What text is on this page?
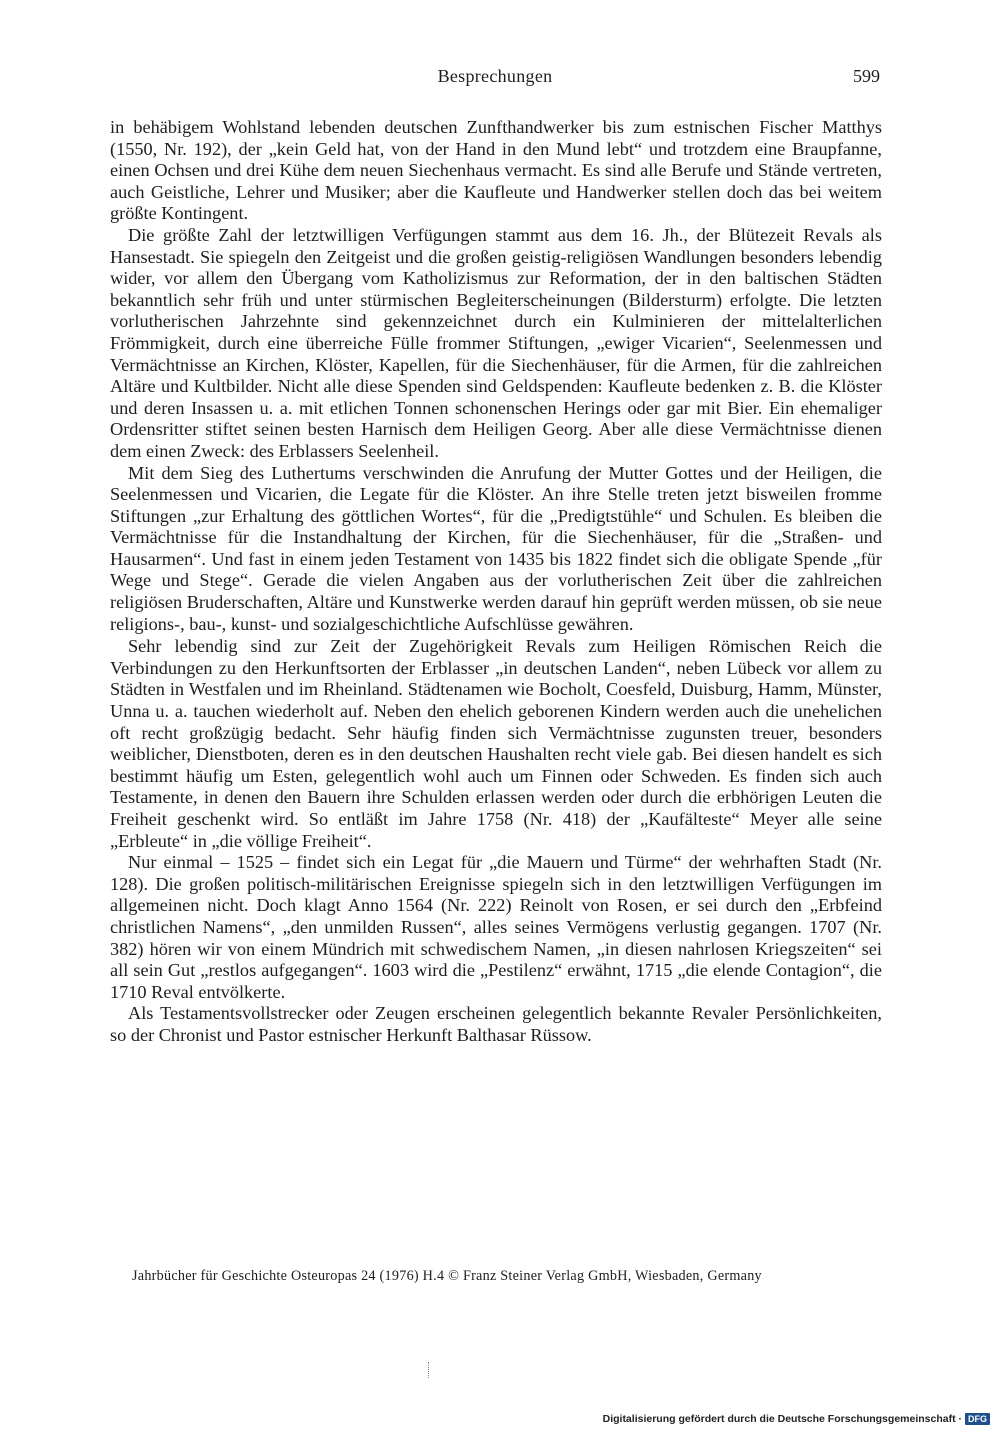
Besprechungen	599

in behäbigem Wohlstand lebenden deutschen Zunfthandwerker bis zum estnischen Fischer Matthys (1550, Nr. 192), der „kein Geld hat, von der Hand in den Mund lebt“ und trotzdem eine Braupfanne, einen Ochsen und drei Kühe dem neuen Siechenhaus vermacht. Es sind alle Berufe und Stände vertreten, auch Geistliche, Lehrer und Musiker; aber die Kaufleute und Handwerker stellen doch das bei weitem größte Kontingent.

Die größte Zahl der letztwilligen Verfügungen stammt aus dem 16. Jh., der Blütezeit Revals als Hansestadt. Sie spiegeln den Zeitgeist und die großen geistig-religiösen Wandlungen besonders lebendig wider, vor allem den Übergang vom Katholizismus zur Reformation, der in den baltischen Städten bekanntlich sehr früh und unter stürmischen Begleiterscheinungen (Bildersturm) erfolgte. Die letzten vorlutherischen Jahrzehnte sind gekennzeichnet durch ein Kulminieren der mittelalterlichen Frömmigkeit, durch eine überreiche Fülle frommer Stiftungen, „ewiger Vicarien“, Seelenmessen und Vermächtnisse an Kirchen, Klöster, Kapellen, für die Siechenhäuser, für die Armen, für die zahlreichen Altäre und Kultbilder. Nicht alle diese Spenden sind Geldspenden: Kaufleute bedenken z. B. die Klöster und deren Insassen u. a. mit etlichen Tonnen schonenschen Herings oder gar mit Bier. Ein ehemaliger Ordensritter stiftet seinen besten Harnisch dem Heiligen Georg. Aber alle diese Vermächtnisse dienen dem einen Zweck: des Erblassers Seelenheil.

Mit dem Sieg des Luthertums verschwinden die Anrufung der Mutter Gottes und der Heiligen, die Seelenmessen und Vicarien, die Legate für die Klöster. An ihre Stelle treten jetzt bisweilen fromme Stiftungen „zur Erhaltung des göttlichen Wortes“, für die „Predigtstühle“ und Schulen. Es bleiben die Vermächtnisse für die Instandhaltung der Kirchen, für die Siechenhäuser, für die „Straßen- und Hausarmen“. Und fast in einem jeden Testament von 1435 bis 1822 findet sich die obligate Spende „für Wege und Stege“. Gerade die vielen Angaben aus der vorlutherischen Zeit über die zahlreichen religiösen Bruderschaften, Altäre und Kunstwerke werden darauf hin geprüft werden müssen, ob sie neue religions-, bau-, kunst- und sozialgeschichtliche Aufschlüsse gewähren.

Sehr lebendig sind zur Zeit der Zugehörigkeit Revals zum Heiligen Römischen Reich die Verbindungen zu den Herkunftsorten der Erblasser „in deutschen Landen“, neben Lübeck vor allem zu Städten in Westfalen und im Rheinland. Städtenamen wie Bocholt, Coesfeld, Duisburg, Hamm, Münster, Unna u. a. tauchen wiederholt auf. Neben den ehelich geborenen Kindern werden auch die unehelichen oft recht großzügig bedacht. Sehr häufig finden sich Vermächtnisse zugunsten treuer, besonders weiblicher, Dienstboten, deren es in den deutschen Haushalten recht viele gab. Bei diesen handelt es sich bestimmt häufig um Esten, gelegentlich wohl auch um Finnen oder Schweden. Es finden sich auch Testamente, in denen den Bauern ihre Schulden erlassen werden oder durch die erbhörigen Leuten die Freiheit geschenkt wird. So entläßt im Jahre 1758 (Nr. 418) der „Kaufälteste“ Meyer alle seine „Erbleute“ in „die völlige Freiheit“.

Nur einmal – 1525 – findet sich ein Legat für „die Mauern und Türme“ der wehrhaften Stadt (Nr. 128). Die großen politisch-militärischen Ereignisse spiegeln sich in den letztwilligen Verfügungen im allgemeinen nicht. Doch klagt Anno 1564 (Nr. 222) Reinolt von Rosen, er sei durch den „Erbfeind christlichen Namens“, „den unmilden Russen“, alles seines Vermögens verlustig gegangen. 1707 (Nr. 382) hören wir von einem Mündrich mit schwedischem Namen, „in diesen nahrlosen Kriegszeiten“ sei all sein Gut „restlos aufgegangen“. 1603 wird die „Pestilenz“ erwähnt, 1715 „die elende Contagion“, die 1710 Reval entvölkerte.

Als Testamentsvollstrecker oder Zeugen erscheinen gelegentlich bekannte Revaler Persönlichkeiten, so der Chronist und Pastor estnischer Herkunft Balthasar Rüssow.

Jahrbücher für Geschichte Osteuropas 24 (1976) H.4 © Franz Steiner Verlag GmbH, Wiesbaden, Germany
Digitalisierung gefördert durch die Deutsche Forschungsgemeinschaft · DFG
